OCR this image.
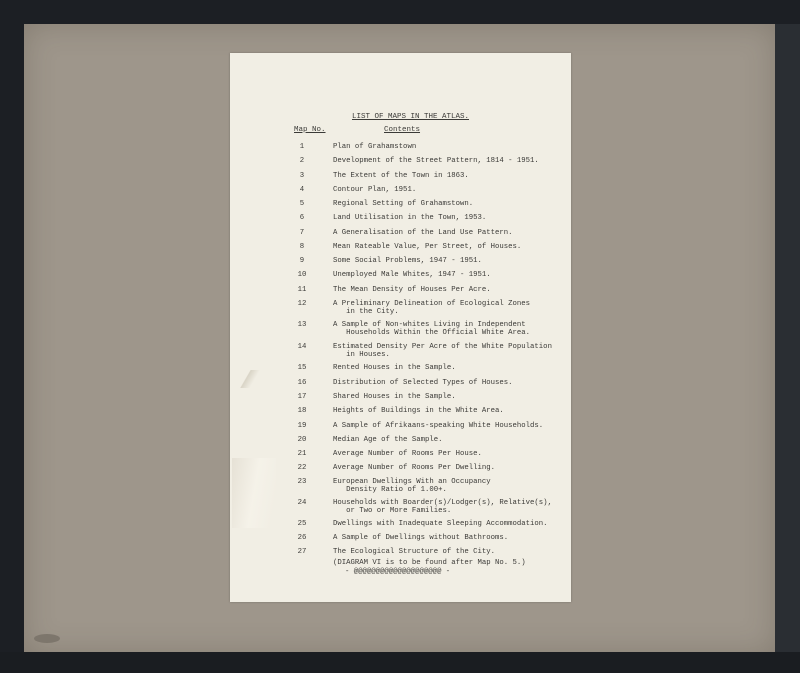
LIST OF MAPS IN THE ATLAS.
Map No.	Contents
1	Plan of Grahamstown
2	Development of the Street Pattern, 1814 - 1951.
3	The Extent of the Town in 1863.
4	Contour Plan, 1951.
5	Regional Setting of Grahamstown.
6	Land Utilisation in the Town, 1953.
7	A Generalisation of the Land Use Pattern.
8	Mean Rateable Value, Per Street, of Houses.
9	Some Social Problems, 1947 - 1951.
10	Unemployed Male Whites, 1947 - 1951.
11	The Mean Density of Houses Per Acre.
12	A Preliminary Delineation of Ecological Zones
in the City.
13	A Sample of Non-whites Living in Independent
Households Within the Official White Area.
14	Estimated Density Per Acre of the White Population
in Houses.
15	Rented Houses in the Sample.
16	Distribution of Selected Types of Houses.
17	Shared Houses in the Sample.
18	Heights of Buildings in the White Area.
19	A Sample of Afrikaans-speaking White Households.
20	Median Age of the Sample.
21	Average Number of Rooms Per House.
22	Average Number of Rooms Per Dwelling.
23	European Dwellings With an Occupancy
Density Ratio of 1.00+.
24	Households with Boarder(s)/Lodger(s), Relative(s),
or Two or More Families.
25	Dwellings with Inadequate Sleeping Accommodation.
26	A Sample of Dwellings without Bathrooms.
27	The Ecological Structure of the City.
(DIAGRAM VI is to be found after Map No. 5.)
- @@@@@@@@@@@@@@@@@@@@ -
